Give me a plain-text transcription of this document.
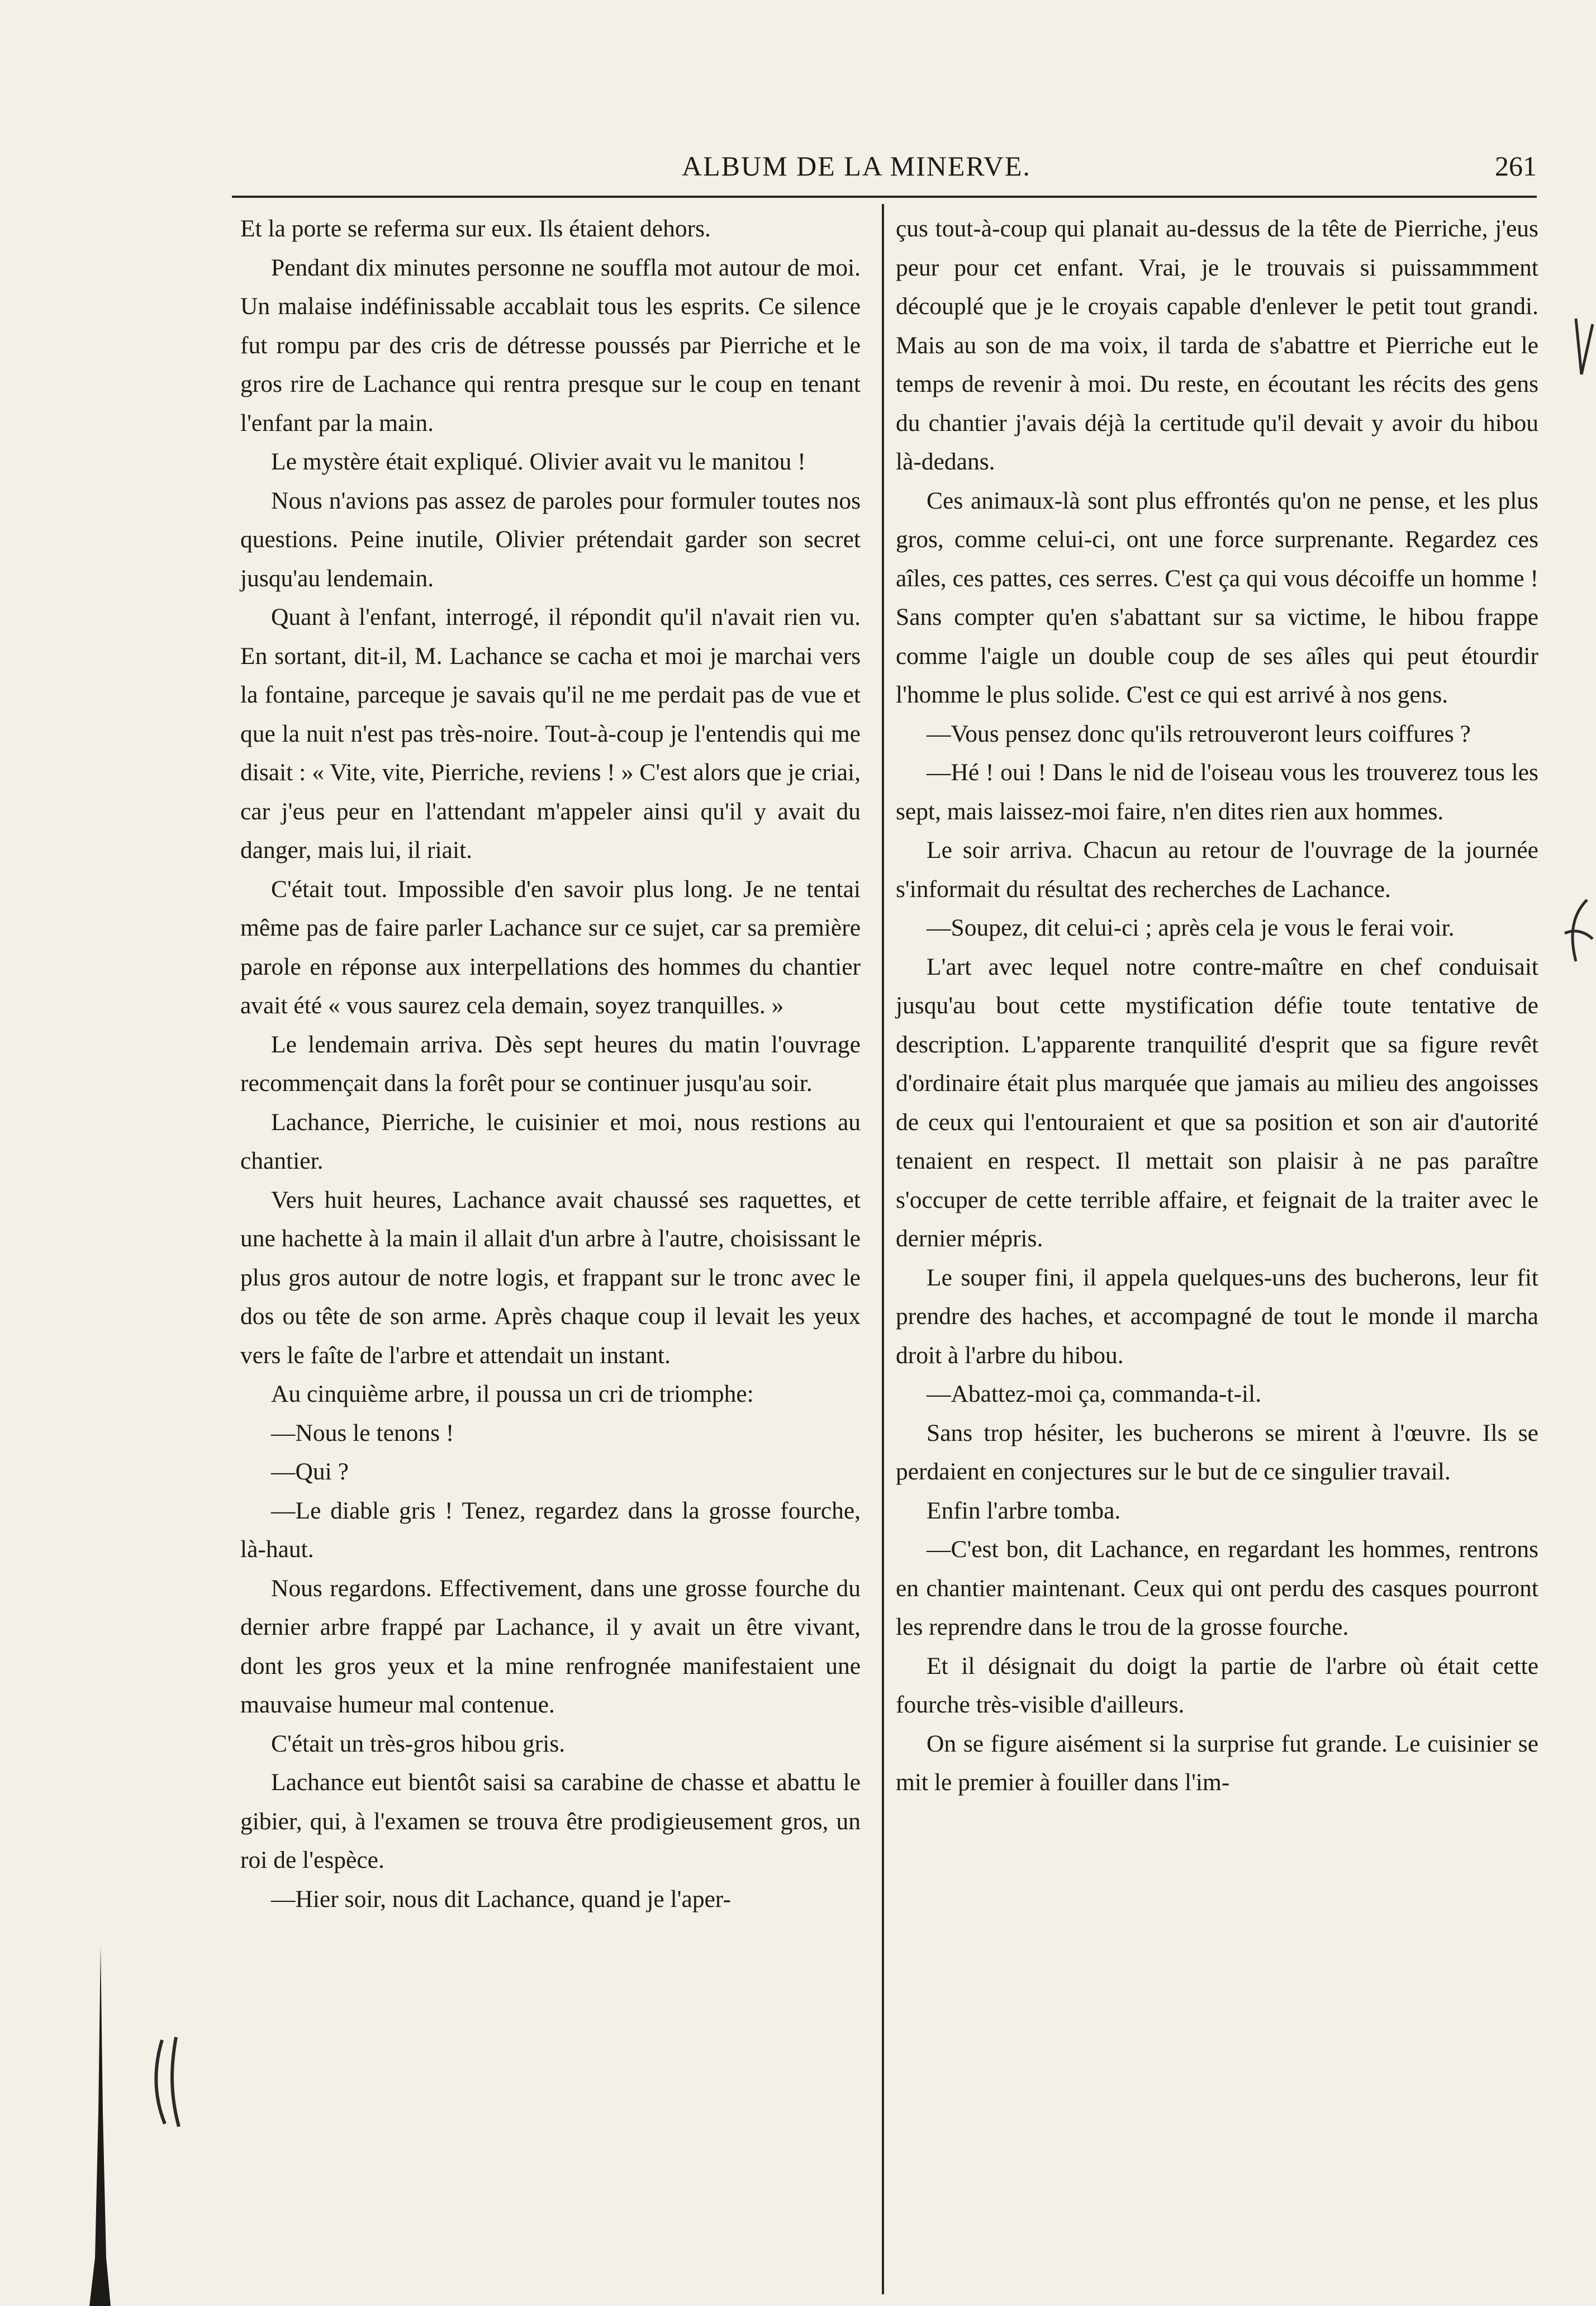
ALBUM DE LA MINERVE.	261

Et la porte se referma sur eux. Ils étaient dehors.

Pendant dix minutes personne ne souffla mot autour de moi. Un malaise indéfinissable accablait tous les esprits. Ce silence fut rompu par des cris de détresse poussés par Pierriche et le gros rire de Lachance qui rentra presque sur le coup en tenant l'enfant par la main.

Le mystère était expliqué. Olivier avait vu le manitou !

Nous n'avions pas assez de paroles pour formuler toutes nos questions. Peine inutile, Olivier prétendait garder son secret jusqu'au lendemain.

Quant à l'enfant, interrogé, il répondit qu'il n'avait rien vu. En sortant, dit-il, M. Lachance se cacha et moi je marchai vers la fontaine, parceque je savais qu'il ne me perdait pas de vue et que la nuit n'est pas très-noire. Tout-à-coup je l'entendis qui me disait : « Vite, vite, Pierriche, reviens ! » C'est alors que je criai, car j'eus peur en l'attendant m'appeler ainsi qu'il y avait du danger, mais lui, il riait.

C'était tout. Impossible d'en savoir plus long. Je ne tentai même pas de faire parler Lachance sur ce sujet, car sa première parole en réponse aux interpellations des hommes du chantier avait été « vous saurez cela demain, soyez tranquilles. »

Le lendemain arriva. Dès sept heures du matin l'ouvrage recommençait dans la forêt pour se continuer jusqu'au soir.

Lachance, Pierriche, le cuisinier et moi, nous restions au chantier.

Vers huit heures, Lachance avait chaussé ses raquettes, et une hachette à la main il allait d'un arbre à l'autre, choisissant le plus gros autour de notre logis, et frappant sur le tronc avec le dos ou tête de son arme. Après chaque coup il levait les yeux vers le faîte de l'arbre et attendait un instant.

Au cinquième arbre, il poussa un cri de triomphe:

—Nous le tenons !

—Qui ?

—Le diable gris ! Tenez, regardez dans la grosse fourche, là-haut.

Nous regardons. Effectivement, dans une grosse fourche du dernier arbre frappé par Lachance, il y avait un être vivant, dont les gros yeux et la mine renfrognée manifestaient une mauvaise humeur mal contenue.

C'était un très-gros hibou gris.

Lachance eut bientôt saisi sa carabine de chasse et abattu le gibier, qui, à l'examen se trouva être prodigieusement gros, un roi de l'espèce.

—Hier soir, nous dit Lachance, quand je l'aper-

çus tout-à-coup qui planait au-dessus de la tête de Pierriche, j'eus peur pour cet enfant. Vrai, je le trouvais si puissammment découplé que je le croyais capable d'enlever le petit tout grandi. Mais au son de ma voix, il tarda de s'abattre et Pierriche eut le temps de revenir à moi. Du reste, en écoutant les récits des gens du chantier j'avais déjà la certitude qu'il devait y avoir du hibou là-dedans.

Ces animaux-là sont plus effrontés qu'on ne pense, et les plus gros, comme celui-ci, ont une force surprenante. Regardez ces aîles, ces pattes, ces serres. C'est ça qui vous décoiffe un homme ! Sans compter qu'en s'abattant sur sa victime, le hibou frappe comme l'aigle un double coup de ses aîles qui peut étourdir l'homme le plus solide. C'est ce qui est arrivé à nos gens.

—Vous pensez donc qu'ils retrouveront leurs coiffures ?

—Hé ! oui ! Dans le nid de l'oiseau vous les trouverez tous les sept, mais laissez-moi faire, n'en dites rien aux hommes.

Le soir arriva. Chacun au retour de l'ouvrage de la journée s'informait du résultat des recherches de Lachance.

—Soupez, dit celui-ci ; après cela je vous le ferai voir.

L'art avec lequel notre contre-maître en chef conduisait jusqu'au bout cette mystification défie toute tentative de description. L'apparente tranquilité d'esprit que sa figure revêt d'ordinaire était plus marquée que jamais au milieu des angoisses de ceux qui l'entouraient et que sa position et son air d'autorité tenaient en respect. Il mettait son plaisir à ne pas paraître s'occuper de cette terrible affaire, et feignait de la traiter avec le dernier mépris.

Le souper fini, il appela quelques-uns des bucherons, leur fit prendre des haches, et accompagné de tout le monde il marcha droit à l'arbre du hibou.

—Abattez-moi ça, commanda-t-il.

Sans trop hésiter, les bucherons se mirent à l'œuvre. Ils se perdaient en conjectures sur le but de ce singulier travail.

Enfin l'arbre tomba.

—C'est bon, dit Lachance, en regardant les hommes, rentrons en chantier maintenant. Ceux qui ont perdu des casques pourront les reprendre dans le trou de la grosse fourche.

Et il désignait du doigt la partie de l'arbre où était cette fourche très-visible d'ailleurs.

On se figure aisément si la surprise fut grande. Le cuisinier se mit le premier à fouiller dans l'im-
